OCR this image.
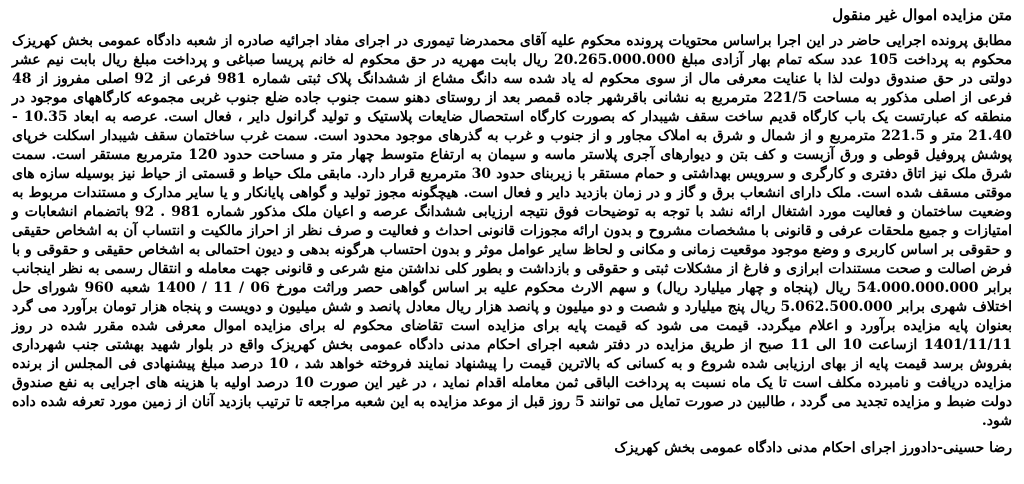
متن مزایده اموال غیر منقول

مطابق پرونده اجرایی حاضر در این اجرا براساس محتویات پرونده محکوم علیه آقای محمدرضا تیموری در اجرای مفاد اجرائیه صادره از شعبه دادگاه عمومی بخش کهریزک محکوم به پرداخت 105 عدد سکه تمام بهار آزادی مبلغ 20.265.000.000 ریال بابت مهریه در حق محکوم له خانم پریسا صباغی و پرداخت مبلغ ریال بابت نیم عشر دولتی در حق صندوق دولت لذا با عنایت معرفی مال از سوی محکوم له یاد شده سه دانگ مشاع از ششدانگ پلاک ثبتی شماره 981 فرعی از 92 اصلی مفروز از 48 فرعی از اصلی مذکور به مساحت 221/5 مترمربع به نشانی باقرشهر جاده قمصر بعد از روستای دهنو سمت جنوب جاده ضلع جنوب غربی مجموعه کارگاههای موجود در منطقه که عبارتست یک باب کارگاه قدیم ساخت سقف شیبدار که بصورت کارگاه استحصال ضایعات پلاستیک و تولید گرانول دایر ، فعال است. عرصه به ابعاد 10.35 - 21.40 متر و 221.5 مترمربع و از شمال و شرق به املاک مجاور و از جنوب و غرب به گذرهای موجود محدود است. سمت غرب ساختمان سقف شیبدار اسکلت خرپای پوشش پروفیل قوطی و ورق آزبست و کف بتن و دیوارهای آجری پلاستر ماسه و سیمان به ارتفاع متوسط چهار متر و مساحت حدود 120 مترمربع مستقر است. سمت شرق ملک نیز اتاق دفتری و کارگری و سرویس بهداشتی و حمام مستقر با زیربنای حدود 30 مترمربع قرار دارد. مابقی ملک حیاط و قسمتی از حیاط نیز بوسیله سازه های موقتی مسقف شده است. ملک دارای انشعاب برق و گاز و در زمان بازدید دایر و فعال است. هیچگونه مجوز تولید و گواهی پایانکار و یا سایر مدارک و مستندات مربوط به وضعیت ساختمان و فعالیت مورد اشتغال ارائه نشد با توجه به توضیحات فوق نتیجه ارزیابی ششدانگ عرصه و اعیان ملک مذکور شماره 981 . 92 باتضمام انشعابات و امتیازات و جمیع ملحقات عرفی و قانونی با مشخصات مشروح و بدون ارائه مجوزات قانونی احداث و فعالیت و صرف نظر از احراز مالکیت و انتساب آن به اشخاص حقیقی و حقوقی بر اساس کاربری و وضع موجود موقعیت زمانی و مکانی و لحاظ سایر عوامل موثر و بدون احتساب هرگونه بدهی و دیون احتمالی به اشخاص حقیقی و حقوقی و با فرض اصالت و صحت مستندات ابرازی و فارغ از مشکلات ثبتی و حقوقی و بازداشت و بطور کلی نداشتن منع شرعی و قانونی جهت معامله و انتقال رسمی به نظر اینجانب برابر 54.000.000.000 ریال (پنجاه و چهار میلیارد ریال) و سهم الارث محکوم علیه بر اساس گواهی حصر وراثت مورخ 06 / 11 / 1400 شعبه 960 شورای حل اختلاف شهری برابر 5.062.500.000 ریال پنج میلیارد و شصت و دو میلیون و پانصد هزار ریال معادل پانصد و شش میلیون و دویست و پنجاه هزار تومان برآورد می گرد بعنوان پایه مزایده برآورد و اعلام میگردد. قیمت می شود که قیمت پایه برای مزایده است تقاضای محکوم له برای مزایده اموال معرفی شده مقرر شده در روز 1401/11/11 ازساعت 10 الی 11 صبح از طریق مزایده در دفتر شعبه اجرای احکام مدنی دادگاه عمومی بخش کهریزک واقع در بلوار شهید بهشتی جنب شهرداری بفروش برسد قیمت پایه از بهای ارزیابی شده شروع و به کسانی که بالاترین قیمت را پیشنهاد نمایند فروخته خواهد شد ، 10 درصد مبلغ پیشنهادی فی المجلس از برنده مزایده دریافت و نامبرده مکلف است تا یک ماه نسبت به پرداخت الباقی ثمن معامله اقدام نماید ، در غیر این صورت 10 درصد اولیه با هزینه های اجرایی به نفع صندوق دولت ضبط و مزایده تجدید می گردد ، طالبین در صورت تمایل می توانند 5 روز قبل از موعد مزایده به این شعبه مراجعه تا ترتیب بازدید آنان از زمین مورد تعرفه شده داده شود.

رضا حسینی-دادورز اجرای احکام مدنی دادگاه عمومی بخش کهریزک
